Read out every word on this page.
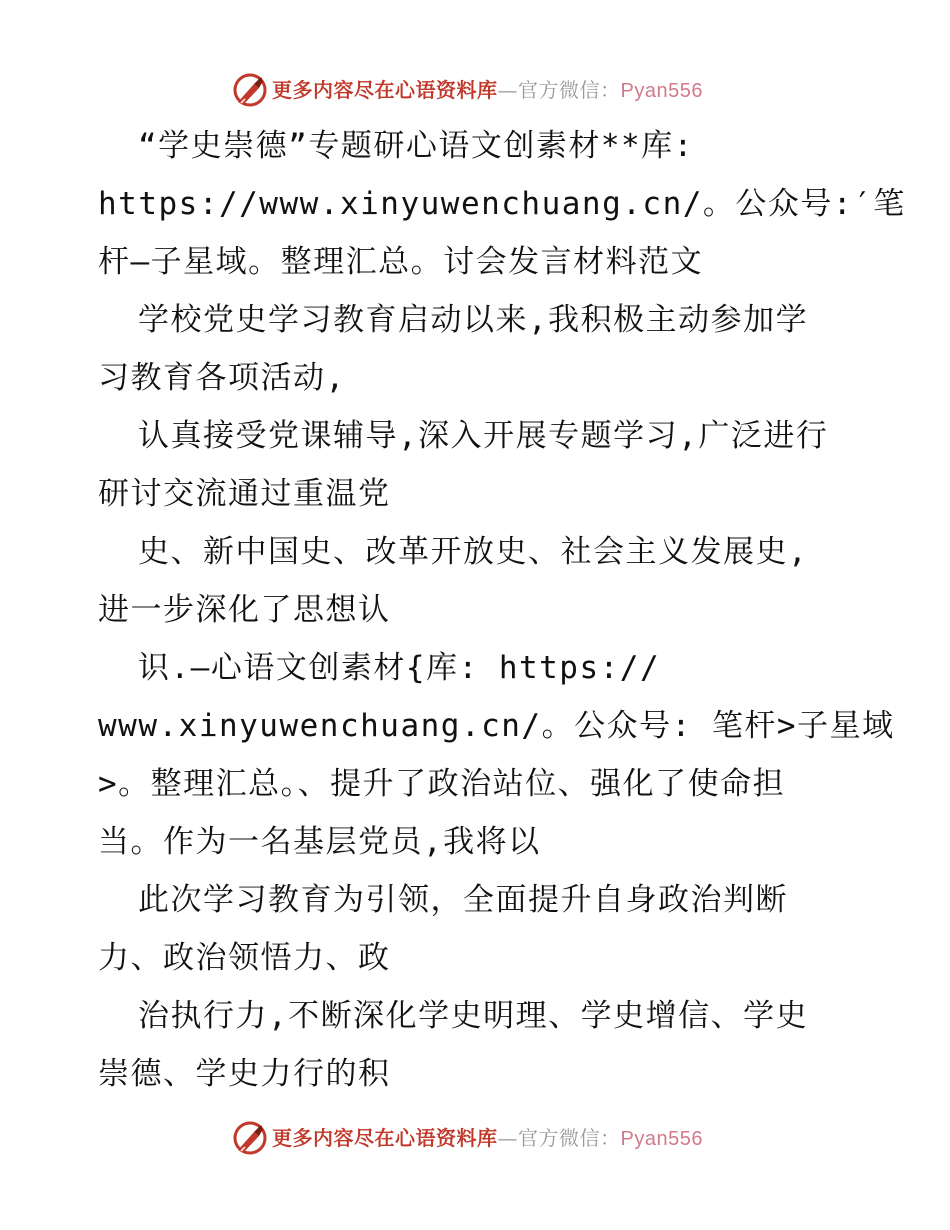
更多内容尽在心语资料库—官方微信：Pyan556
“学史崇德”专题研心语文创素材**库:
https://www.xinyuwenchuang.cn/。公众号:′笔
杆—子星域。整理汇总。讨会发言材料范文
学校党史学习教育启动以来,我积极主动参加学
习教育各项活动,
认真接受党课辅导,深入开展专题学习,广泛进行
研讨交流通过重温党
史、新中国史、改革开放史、社会主义发展史,
进一步深化了思想认
识.—心语文创素材{库: https://
www.xinyuwenchuang.cn/。公众号: 笔杆>子星域
>。整理汇总。、提升了政治站位、强化了使命担
当。作为一名基层党员,我将以
此次学习教育为引领，全面提升自身政治判断
力、政治领悟力、政
治执行力,不断深化学史明理、学史增信、学史
崇德、学史力行的积
更多内容尽在心语资料库—官方微信：Pyan556
